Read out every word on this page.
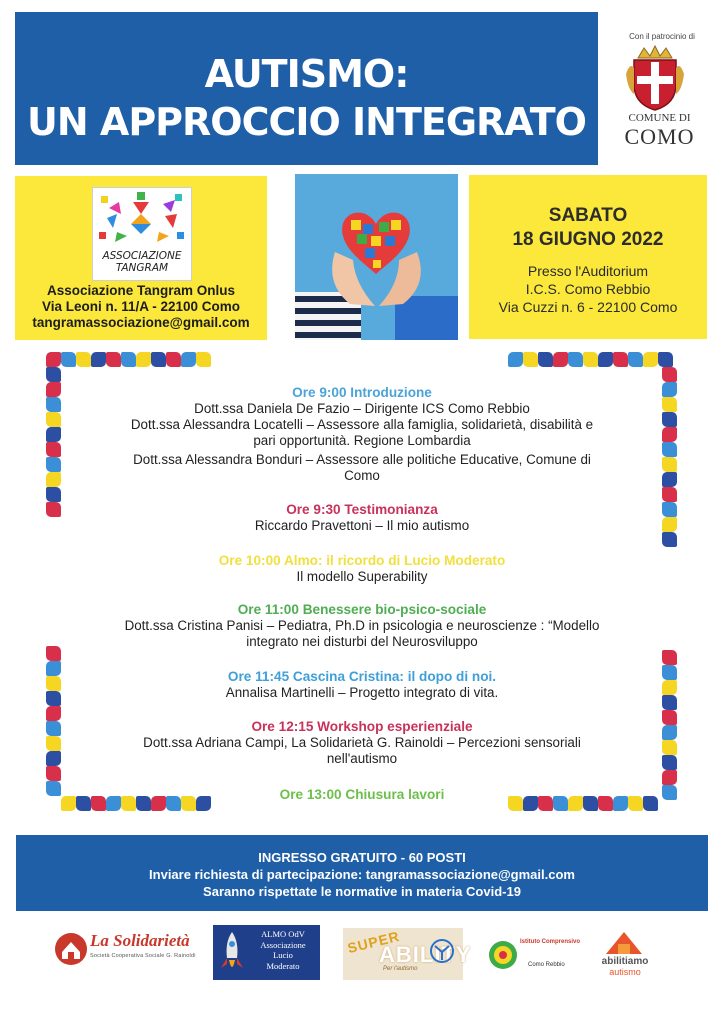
AUTISMO:
UN APPROCCIO INTEGRATO
Con il patrocinio di
COMUNE DI
COMO
ASSOCIAZIONE
TANGRAM
Associazione Tangram Onlus
Via Leoni n. 11/A - 22100 Como
tangramassociazione@gmail.com
SABATO
18 GIUGNO 2022
Presso l'Auditorium
I.C.S. Como Rebbio
Via Cuzzi n. 6 - 22100 Como
Ore 9:00 Introduzione
Dott.ssa Daniela De Fazio – Dirigente ICS Como Rebbio
Dott.ssa Alessandra Locatelli – Assessore alla famiglia, solidarietà, disabilità e
pari opportunità. Regione Lombardia
Dott.ssa Alessandra Bonduri – Assessore alle politiche Educative, Comune di
Como
Ore 9:30 Testimonianza
Riccardo Pravettoni – Il mio autismo
Ore 10:00 Almo: il ricordo di Lucio Moderato
Il modello Superability
Ore 11:00 Benessere bio-psico-sociale
Dott.ssa Cristina Panisi – Pediatra, Ph.D in psicologia e neuroscienze : “Modello
integrato nei disturbi del Neurosviluppo
Ore 11:45 Cascina Cristina: il dopo di noi.
Annalisa Martinelli – Progetto integrato di vita.
Ore 12:15 Workshop esperienziale
Dott.ssa Adriana Campi, La Solidarietà G. Rainoldi – Percezioni sensoriali
nell'autismo
Ore 13:00 Chiusura lavori
INGRESSO GRATUITO - 60 POSTI
Inviare richiesta di partecipazione: tangramassociazione@gmail.com
Saranno rispettate le normative in materia Covid-19
La Solidarietà
Società Cooperativa Sociale G. Rainoldi
ALMO OdV
Associazione
Lucio
Moderato
SUPER
ABILITY
Per l'autismo
Istituto Comprensivo
Como Rebbio	abilitiamo
autismo
